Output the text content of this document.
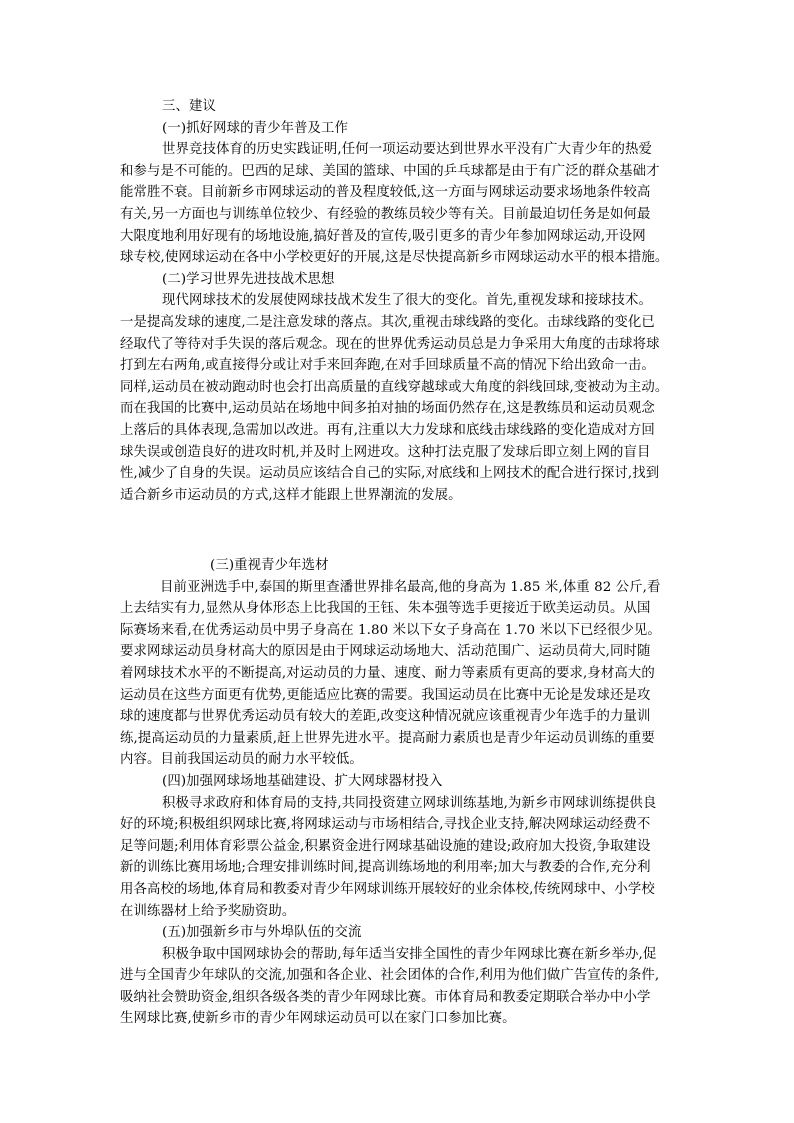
三、建议
(一)抓好网球的青少年普及工作
世界竞技体育的历史实践证明,任何一项运动要达到世界水平没有广大青少年的热爱
和参与是不可能的。巴西的足球、美国的篮球、中国的乒乓球都是由于有广泛的群众基础才
能常胜不衰。目前新乡市网球运动的普及程度较低,这一方面与网球运动要求场地条件较高
有关,另一方面也与训练单位较少、有经验的教练员较少等有关。目前最迫切任务是如何最
大限度地利用好现有的场地设施,搞好普及的宣传,吸引更多的青少年参加网球运动,开设网
球专校,使网球运动在各中小学校更好的开展,这是尽快提高新乡市网球运动水平的根本措施。
(二)学习世界先进技战术思想
现代网球技术的发展使网球技战术发生了很大的变化。首先,重视发球和接球技术。
一是提高发球的速度,二是注意发球的落点。其次,重视击球线路的变化。击球线路的变化已
经取代了等待对手失误的落后观念。现在的世界优秀运动员总是力争采用大角度的击球将球
打到左右两角,或直接得分或让对手来回奔跑,在对手回球质量不高的情况下给出致命一击。
同样,运动员在被动跑动时也会打出高质量的直线穿越球或大角度的斜线回球,变被动为主动。
而在我国的比赛中,运动员站在场地中间多拍对抽的场面仍然存在,这是教练员和运动员观念
上落后的具体表现,急需加以改进。再有,注重以大力发球和底线击球线路的变化造成对方回
球失误或创造良好的进攻时机,并及时上网进攻。这种打法克服了发球后即立刻上网的盲目
性,减少了自身的失误。运动员应该结合自己的实际,对底线和上网技术的配合进行探讨,找到
适合新乡市运动员的方式,这样才能跟上世界潮流的发展。
(三)重视青少年选材
目前亚洲选手中,泰国的斯里查潘世界排名最高,他的身高为 1.85 米,体重 82 公斤,看
上去结实有力,显然从身体形态上比我国的王钰、朱本强等选手更接近于欧美运动员。从国
际赛场来看,在优秀运动员中男子身高在 1.80 米以下女子身高在 1.70 米以下已经很少见。
要求网球运动员身材高大的原因是由于网球运动场地大、活动范围广、运动员荷大,同时随
着网球技术水平的不断提高,对运动员的力量、速度、耐力等素质有更高的要求,身材高大的
运动员在这些方面更有优势,更能适应比赛的需要。我国运动员在比赛中无论是发球还是攻
球的速度都与世界优秀运动员有较大的差距,改变这种情况就应该重视青少年选手的力量训
练,提高运动员的力量素质,赶上世界先进水平。提高耐力素质也是青少年运动员训练的重要
内容。目前我国运动员的耐力水平较低。
(四)加强网球场地基础建设、扩大网球器材投入
积极寻求政府和体育局的支持,共同投资建立网球训练基地,为新乡市网球训练提供良
好的环境;积极组织网球比赛,将网球运动与市场相结合,寻找企业支持,解决网球运动经费不
足等问题;利用体育彩票公益金,积累资金进行网球基础设施的建设;政府加大投资,争取建设
新的训练比赛用场地;合理安排训练时间,提高训练场地的利用率;加大与教委的合作,充分利
用各高校的场地,体育局和教委对青少年网球训练开展较好的业余体校,传统网球中、小学校
在训练器材上给予奖励资助。
(五)加强新乡市与外埠队伍的交流
积极争取中国网球协会的帮助,每年适当安排全国性的青少年网球比赛在新乡举办,促
进与全国青少年球队的交流,加强和各企业、社会团体的合作,利用为他们做广告宣传的条件,
吸纳社会赞助资金,组织各级各类的青少年网球比赛。市体育局和教委定期联合举办中小学
生网球比赛,使新乡市的青少年网球运动员可以在家门口参加比赛。
